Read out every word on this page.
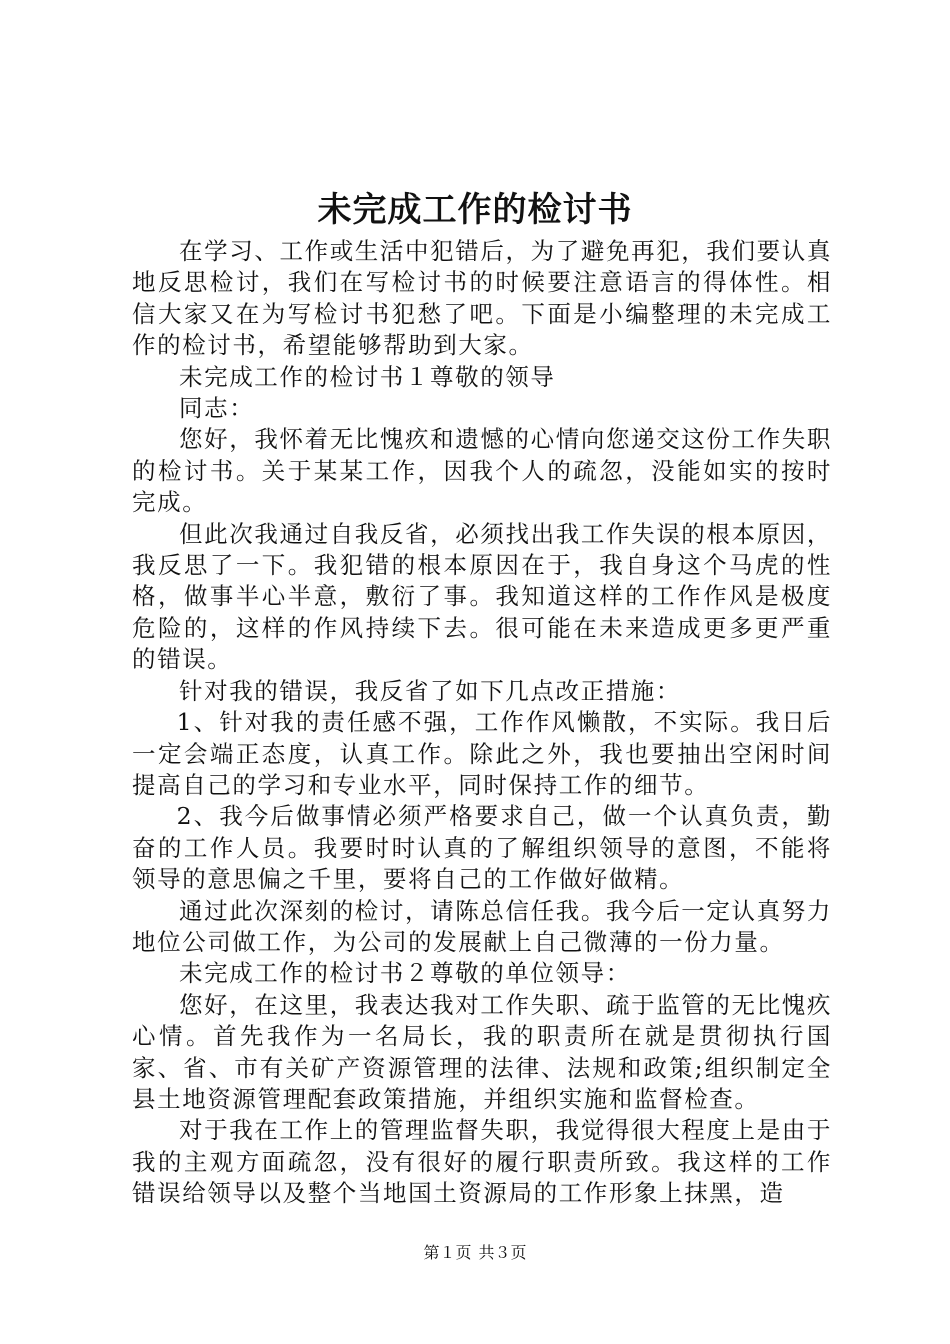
未完成工作的检讨书

在学习、工作或生活中犯错后，为了避免再犯，我们要认真地反思检讨，我们在写检讨书的时候要注意语言的得体性。相信大家又在为写检讨书犯愁了吧。下面是小编整理的未完成工作的检讨书，希望能够帮助到大家。

未完成工作的检讨书１尊敬的领导

同志：

您好，我怀着无比愧疚和遗憾的心情向您递交这份工作失职的检讨书。关于某某工作，因我个人的疏忽，没能如实的按时完成。

但此次我通过自我反省，必须找出我工作失误的根本原因，我反思了一下。我犯错的根本原因在于，我自身这个马虎的性格，做事半心半意，敷衍了事。我知道这样的工作作风是极度危险的，这样的作风持续下去。很可能在未来造成更多更严重的错误。

针对我的错误，我反省了如下几点改正措施：

1、针对我的责任感不强，工作作风懒散，不实际。我日后一定会端正态度，认真工作。除此之外，我也要抽出空闲时间提高自己的学习和专业水平，同时保持工作的细节。

2、我今后做事情必须严格要求自己，做一个认真负责，勤奋的工作人员。我要时时认真的了解组织领导的意图，不能将领导的意思偏之千里，要将自己的工作做好做精。

通过此次深刻的检讨，请陈总信任我。我今后一定认真努力地位公司做工作，为公司的发展献上自己微薄的一份力量。

未完成工作的检讨书２尊敬的单位领导：

您好，在这里，我表达我对工作失职、疏于监管的无比愧疚心情。首先我作为一名局长，我的职责所在就是贯彻执行国家、省、市有关矿产资源管理的法律、法规和政策;组织制定全县土地资源管理配套政策措施，并组织实施和监督检查。

对于我在工作上的管理监督失职，我觉得很大程度上是由于我的主观方面疏忽，没有很好的履行职责所致。我这样的工作错误给领导以及整个当地国土资源局的工作形象上抹黑，造

第１页 共３页
